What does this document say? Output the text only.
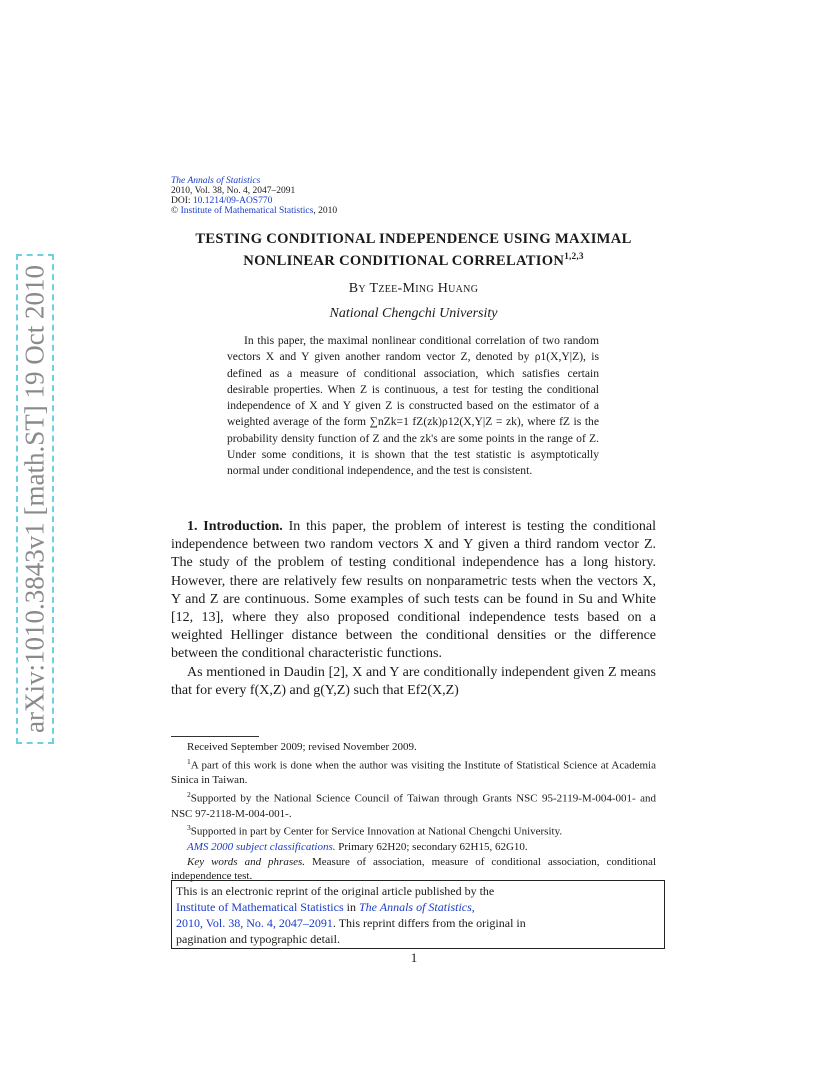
arXiv:1010.3843v1 [math.ST] 19 Oct 2010
The Annals of Statistics
2010, Vol. 38, No. 4, 2047–2091
DOI: 10.1214/09-AOS770
© Institute of Mathematical Statistics, 2010
TESTING CONDITIONAL INDEPENDENCE USING MAXIMAL
NONLINEAR CONDITIONAL CORRELATION$^{1,2,3}$
By Tzee-Ming Huang
National Chengchi University

In this paper, the maximal nonlinear conditional correlation of two random vectors X and Y given another random vector Z, denoted by ρ1(X,Y|Z), is defined as a measure of conditional association, which satisfies certain desirable properties. When Z is continuous, a test for testing the conditional independence of X and Y given Z is constructed based on the estimator of a weighted average of the form ∑nZk=1 fZ(zk)ρ12(X,Y|Z = zk), where fZ is the probability density function of Z and the zk's are some points in the range of Z. Under some conditions, it is shown that the test statistic is asymptotically normal under conditional independence, and the test is consistent.

1. Introduction. In this paper, the problem of interest is testing the conditional independence between two random vectors X and Y given a third random vector Z. The study of the problem of testing conditional independence has a long history. However, there are relatively few results on nonparametric tests when the vectors X, Y and Z are continuous. Some examples of such tests can be found in Su and White [12, 13], where they also proposed conditional independence tests based on a weighted Hellinger distance between the conditional densities or the difference between the conditional characteristic functions.

As mentioned in Daudin [2], X and Y are conditionally independent given Z means that for every f(X,Z) and g(Y,Z) such that Ef2(X,Z)

Received September 2009; revised November 2009.

$^1$A part of this work is done when the author was visiting the Institute of Statistical Science at Academia Sinica in Taiwan.

$^2$Supported by the National Science Council of Taiwan through Grants NSC 95-2119-M-004-001- and NSC 97-2118-M-004-001-.

$^3$Supported in part by Center for Service Innovation at National Chengchi University.

AMS 2000 subject classifications. Primary 62H20; secondary 62H15, 62G10.

Key words and phrases. Measure of association, measure of conditional association, conditional independence test.

This is an electronic reprint of the original article published by the
Institute of Mathematical Statistics in The Annals of Statistics,
2010, Vol. 38, No. 4, 2047–2091. This reprint differs from the original in
pagination and typographic detail.
1
